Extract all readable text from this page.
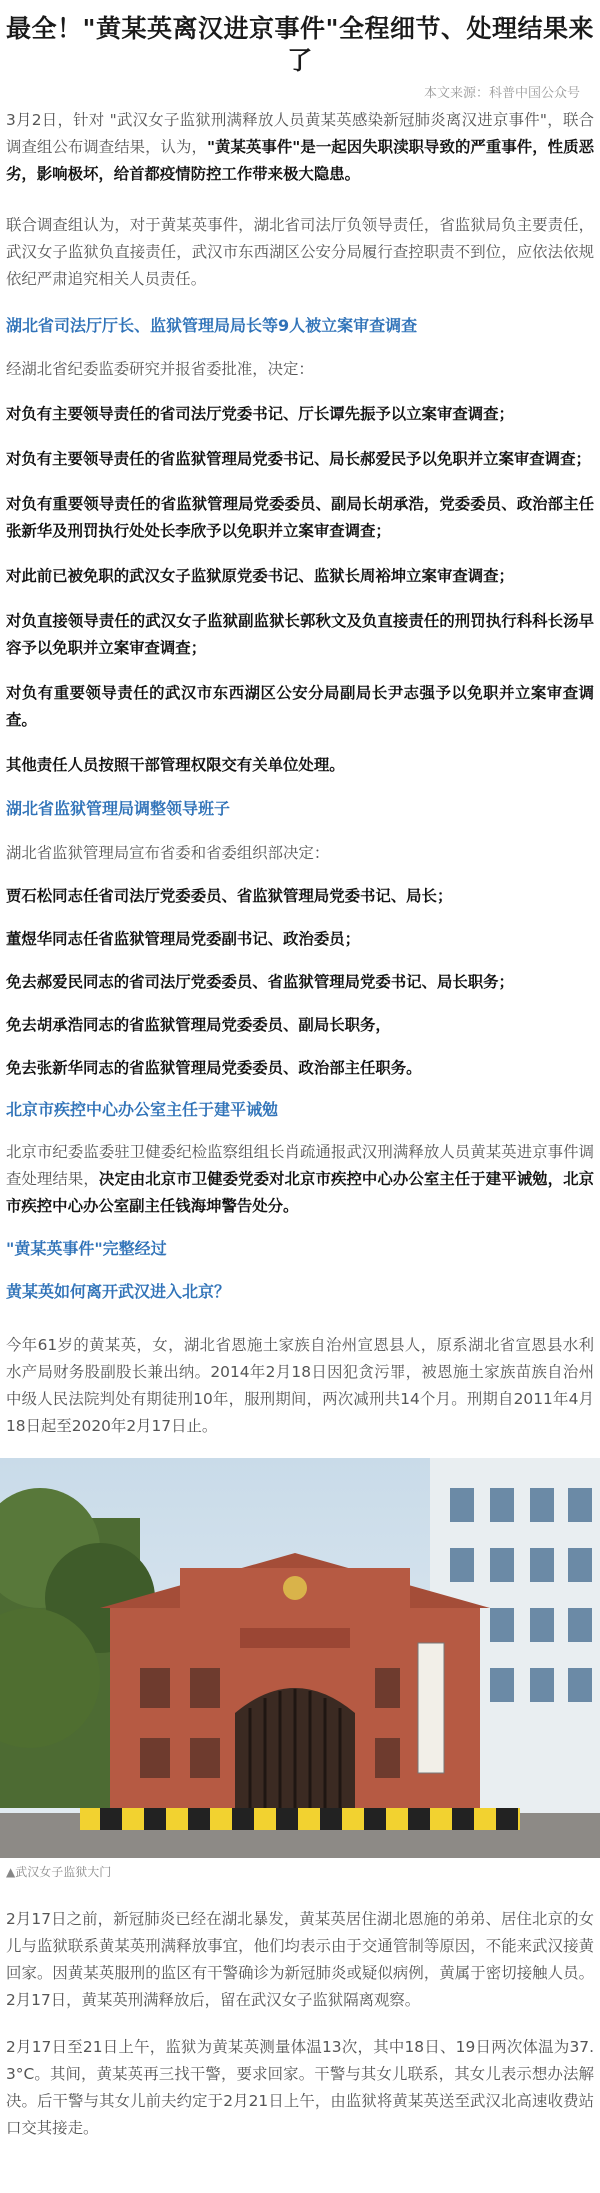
最全！"黄某英离汉进京事件"全程细节、处理结果来了
本文来源：科普中国公众号

3月2日，针对 "武汉女子监狱刑满释放人员黄某英感染新冠肺炎离汉进京事件"，联合调查组公布调查结果，认为，"黄某英事件"是一起因失职渎职导致的严重事件，性质恶劣，影响极坏，给首都疫情防控工作带来极大隐患。

联合调查组认为，对于黄某英事件，湖北省司法厅负领导责任，省监狱局负主要责任，武汉女子监狱负直接责任，武汉市东西湖区公安分局履行查控职责不到位，应依法依规依纪严肃追究相关人员责任。

湖北省司法厅厅长、监狱管理局局长等9人被立案审查调查

经湖北省纪委监委研究并报省委批准，决定：

对负有主要领导责任的省司法厅党委书记、厅长谭先振予以立案审查调查；

对负有主要领导责任的省监狱管理局党委书记、局长郝爱民予以免职并立案审查调查；

对负有重要领导责任的省监狱管理局党委委员、副局长胡承浩，党委委员、政治部主任张新华及刑罚执行处处长李欣予以免职并立案审查调查；

对此前已被免职的武汉女子监狱原党委书记、监狱长周裕坤立案审查调查；

对负直接领导责任的武汉女子监狱副监狱长郭秋文及负直接责任的刑罚执行科科长汤早容予以免职并立案审查调查；

对负有重要领导责任的武汉市东西湖区公安分局副局长尹志强予以免职并立案审查调查。

其他责任人员按照干部管理权限交有关单位处理。

湖北省监狱管理局调整领导班子

湖北省监狱管理局宣布省委和省委组织部决定：

贾石松同志任省司法厅党委委员、省监狱管理局党委书记、局长；

董煜华同志任省监狱管理局党委副书记、政治委员；

免去郝爱民同志的省司法厅党委委员、省监狱管理局党委书记、局长职务；

免去胡承浩同志的省监狱管理局党委委员、副局长职务，

免去张新华同志的省监狱管理局党委委员、政治部主任职务。

北京市疾控中心办公室主任于建平诫勉

北京市纪委监委驻卫健委纪检监察组组长肖疏通报武汉刑满释放人员黄某英进京事件调查处理结果，决定由北京市卫健委党委对北京市疾控中心办公室主任于建平诫勉，北京市疾控中心办公室副主任钱海坤警告处分。

"黄某英事件"完整经过
黄某英如何离开武汉进入北京？

今年61岁的黄某英，女，湖北省恩施土家族自治州宣恩县人，原系湖北省宣恩县水利水产局财务股副股长兼出纳。2014年2月18日因犯贪污罪，被恩施土家族苗族自治州中级人民法院判处有期徒刑10年，服刑期间，两次减刑共14个月。刑期自2011年4月18日起至2020年2月17日止。

▲武汉女子监狱大门

2月17日之前，新冠肺炎已经在湖北暴发，黄某英居住湖北恩施的弟弟、居住北京的女儿与监狱联系黄某英刑满释放事宜，他们均表示由于交通管制等原因，不能来武汉接黄回家。因黄某英服刑的监区有干警确诊为新冠肺炎或疑似病例，黄属于密切接触人员。2月17日，黄某英刑满释放后，留在武汉女子监狱隔离观察。

2月17日至21日上午，监狱为黄某英测量体温13次，其中18日、19日两次体温为37.3°C。其间，黄某英再三找干警，要求回家。干警与其女儿联系，其女儿表示想办法解决。后干警与其女儿前夫约定于2月21日上午，由监狱将黄某英送至武汉北高速收费站口交其接走。
